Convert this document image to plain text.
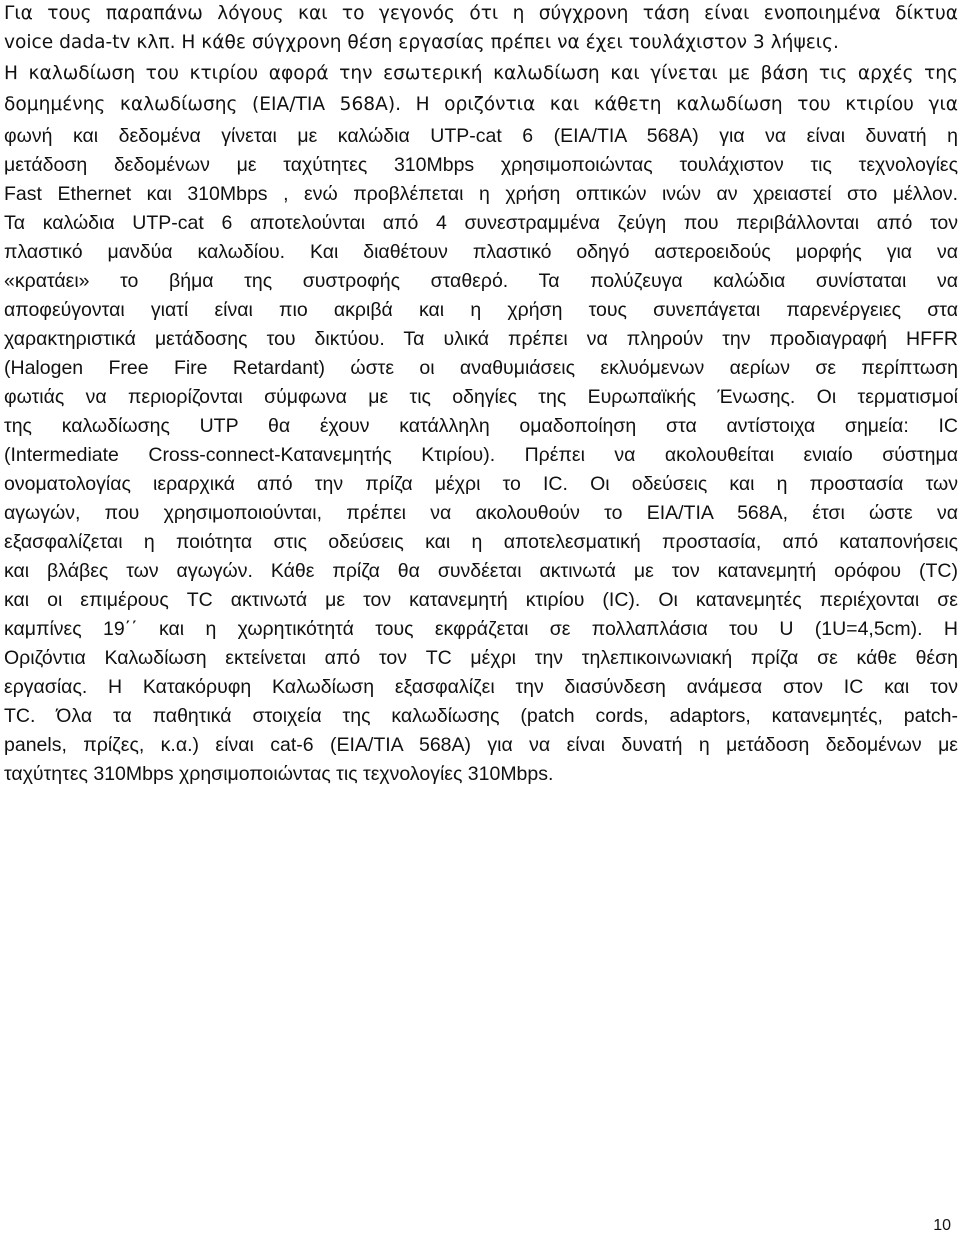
Για τους παραπάνω λόγους και το γεγονός ότι η σύγχρονη τάση είναι ενοποιημένα δίκτυα
voice dada-tv κλπ. Η κάθε σύγχρονη θέση εργασίας πρέπει να έχει τουλάχιστον 3 λήψεις.
Η καλωδίωση του κτιρίου αφορά την εσωτερική καλωδίωση και γίνεται με βάση τις αρχές της
δομημένης καλωδίωσης (EIA/TIA 568A). Η οριζόντια και κάθετη καλωδίωση του κτιρίου για
φωνή και δεδομένα γίνεται με καλώδια UTP-cat 6 (EIA/TIA 568A) για να είναι δυνατή η
μετάδοση δεδομένων με ταχύτητες 310Mbps χρησιμοποιώντας τουλάχιστον τις τεχνολογίες
Fast Ethernet και 310Mbps , ενώ προβλέπεται η χρήση οπτικών ινών αν χρειαστεί στο μέλλον.
Τα καλώδια UTP-cat 6 αποτελούνται από 4 συνεστραμμένα ζεύγη που περιβάλλονται από τον
πλαστικό μανδύα καλωδίου. Και διαθέτουν πλαστικό οδηγό αστεροειδούς μορφής για να
«κρατάει» το βήμα της συστροφής σταθερό. Τα πολύζευγα καλώδια συνίσταται να
αποφεύγονται γιατί είναι πιο ακριβά και η χρήση τους συνεπάγεται παρενέργειες στα
χαρακτηριστικά μετάδοσης του δικτύου. Τα υλικά πρέπει να πληρούν την προδιαγραφή HFFR
(Halogen Free Fire Retardant) ώστε οι αναθυμιάσεις εκλυόμενων αερίων σε περίπτωση
φωτιάς να περιορίζονται σύμφωνα με τις οδηγίες της Ευρωπαϊκής Ένωσης. Οι τερματισμοί
της καλωδίωσης UTP θα έχουν κατάλληλη ομαδοποίηση στα αντίστοιχα σημεία: IC
(Intermediate Cross-connect-Κατανεμητής Κτιρίου). Πρέπει να ακολουθείται ενιαίο σύστημα
ονοματολογίας ιεραρχικά από την πρίζα μέχρι το IC. Οι οδεύσεις και η προστασία των
αγωγών, που χρησιμοποιούνται, πρέπει να ακολουθούν το EIA/TIA 568A, έτσι ώστε να
εξασφαλίζεται η ποιότητα στις οδεύσεις και η αποτελεσματική προστασία, από καταπονήσεις
και βλάβες των αγωγών. Κάθε πρίζα θα συνδέεται ακτινωτά με τον κατανεμητή ορόφου (TC)
και οι επιμέρους TC ακτινωτά με τον κατανεμητή κτιρίου (IC). Οι κατανεμητές περιέχονται σε
καμπίνες 19΄΄ και η χωρητικότητά τους εκφράζεται σε πολλαπλάσια του U (1U=4,5cm). Η
Οριζόντια Καλωδίωση εκτείνεται από τον TC μέχρι την τηλεπικοινωνιακή πρίζα σε κάθε θέση
εργασίας. Η Κατακόρυφη Καλωδίωση εξασφαλίζει την διασύνδεση ανάμεσα στον IC και τον
TC. Όλα τα παθητικά στοιχεία της καλωδίωσης (patch cords, adaptors, κατανεμητές, patch-
panels, πρίζες, κ.α.) είναι cat-6 (EIA/TIA 568A) για να είναι δυνατή η μετάδοση δεδομένων με
ταχύτητες 310Mbps χρησιμοποιώντας τις τεχνολογίες 310Mbps.
10
